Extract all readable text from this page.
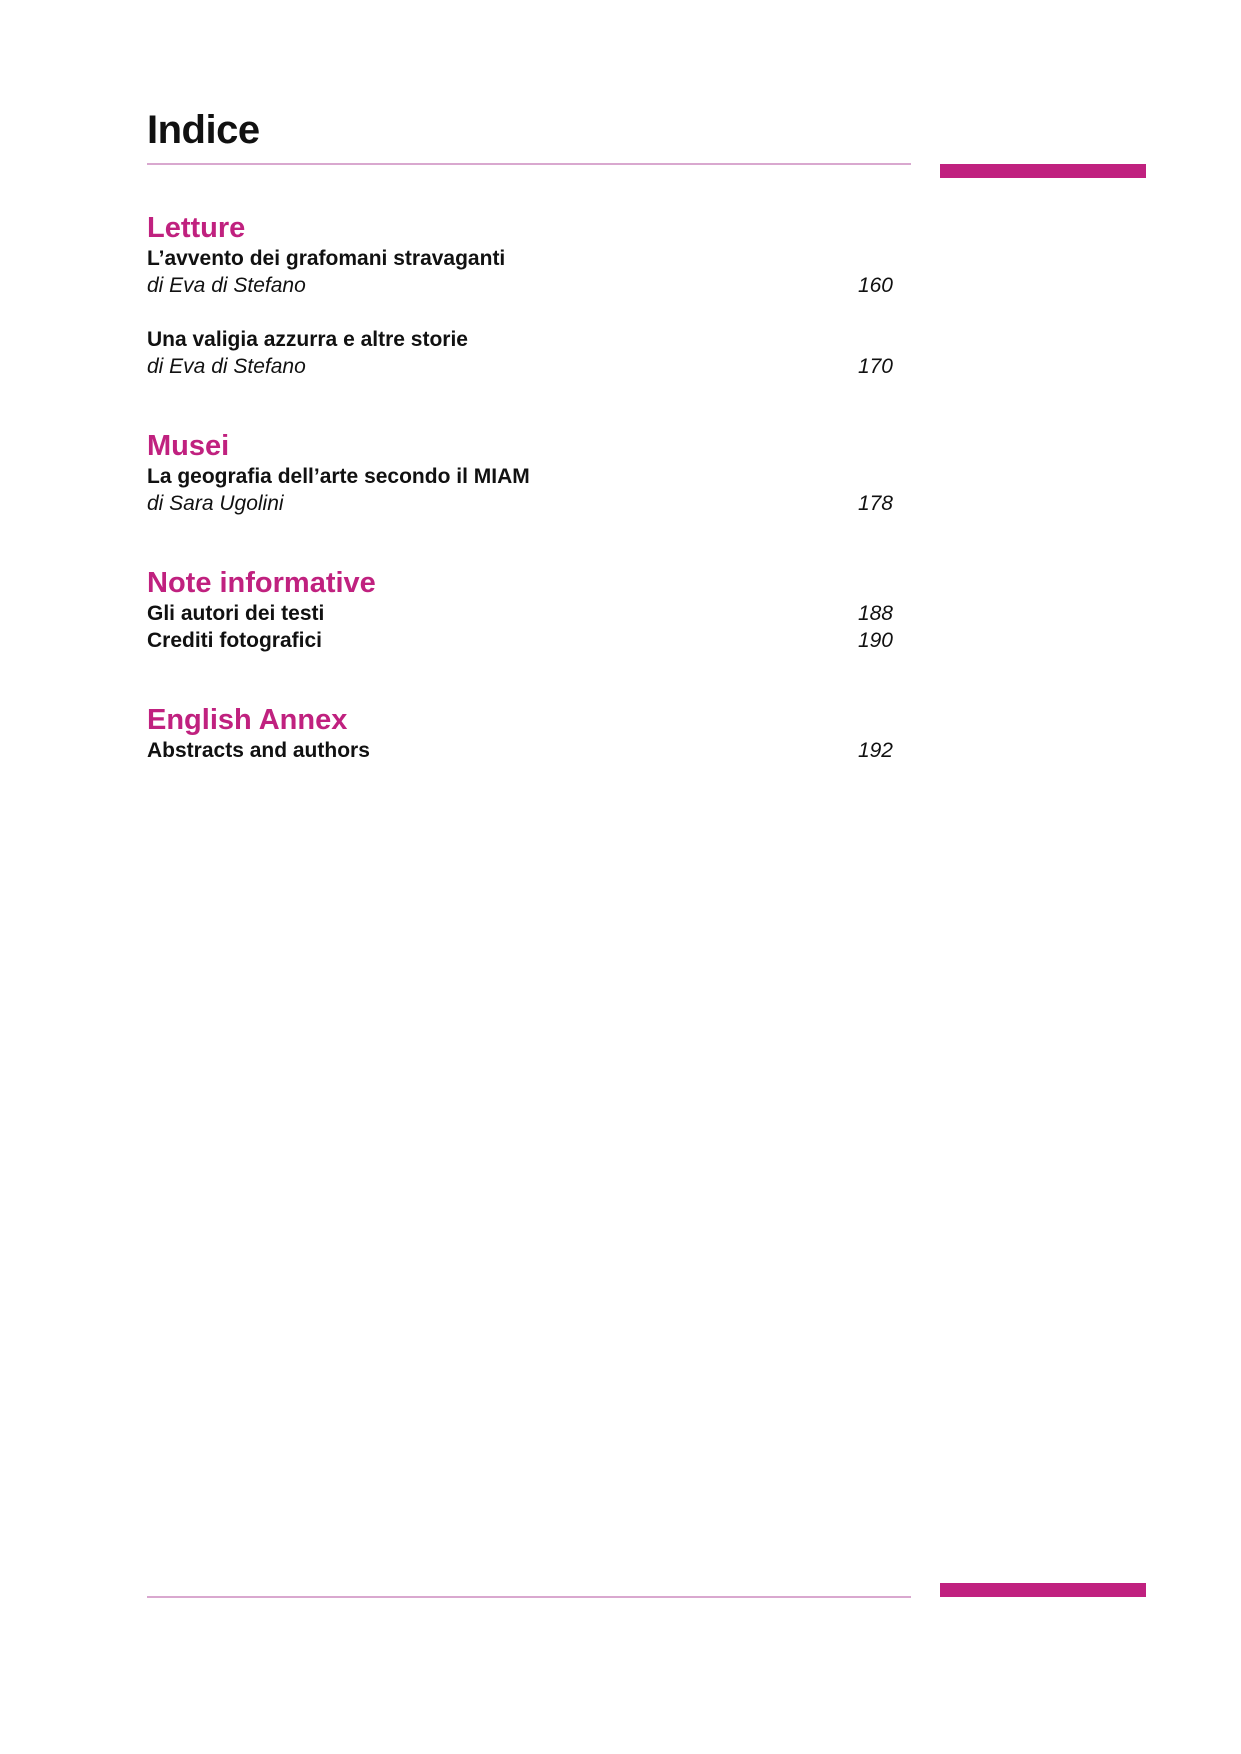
Indice
Letture
L’avvento dei grafomani stravaganti
di Eva di Stefano	160
Una valigia azzurra e altre storie
di Eva di Stefano	170
Musei
La geografia dell’arte secondo il MIAM
di Sara Ugolini	178
Note informative
Gli autori dei testi	188
Crediti fotografici	190
English Annex
Abstracts and authors	192
